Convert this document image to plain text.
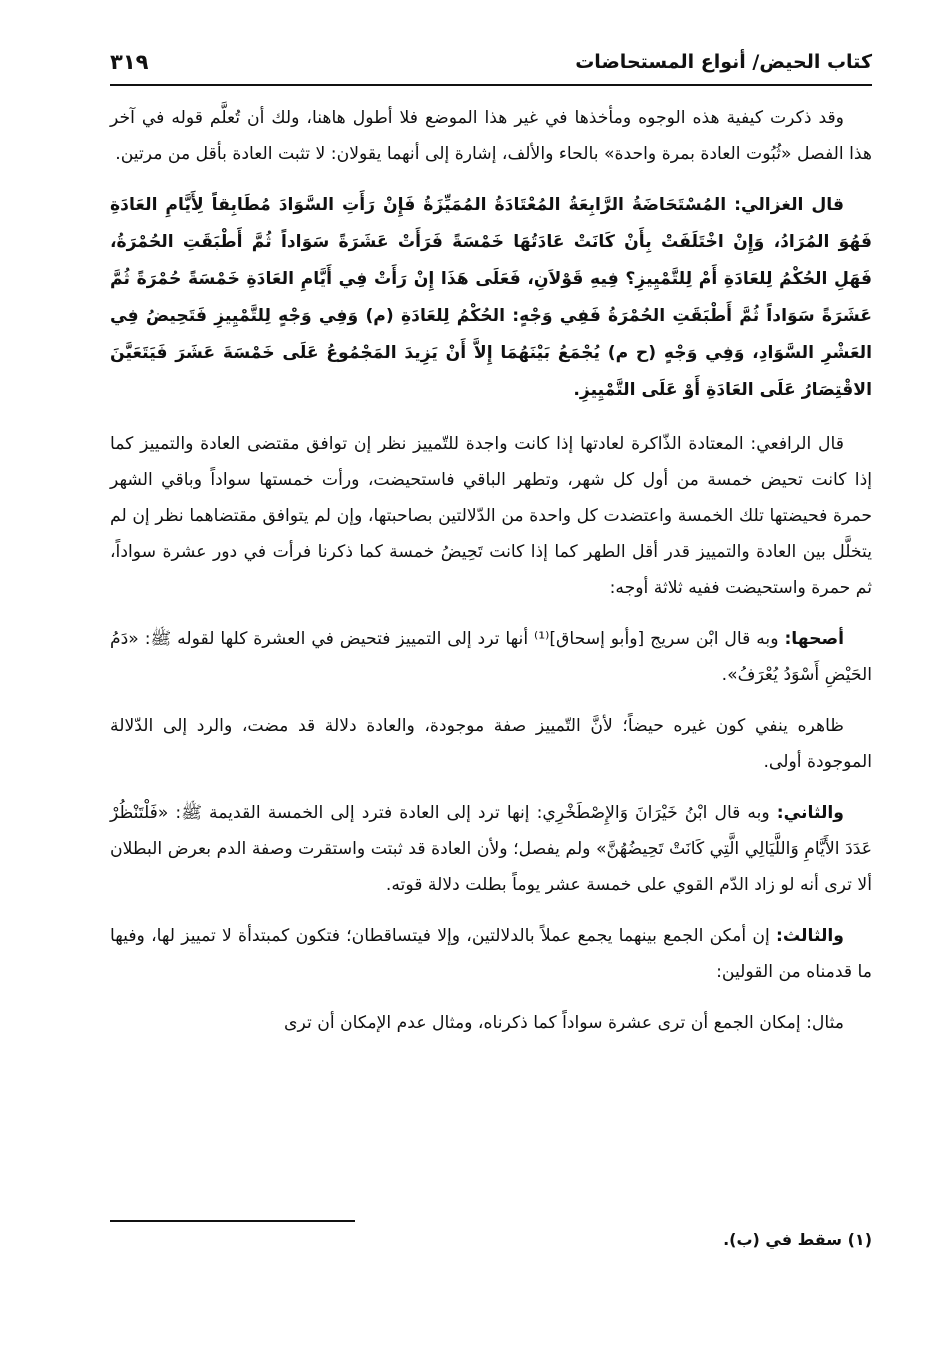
كتاب الحيض/ أنواع المستحاضات
٣١٩

وقد ذكرت كيفية هذه الوجوه ومأخذها في غير هذا الموضع فلا أطول هاهنا، ولك أن تُعلَّم قوله في آخر هذا الفصل «ثُبُوت العادة بمرة واحدة» بالحاء والألف، إشارة إلى أنهما يقولان: لا تثبت العادة بأقل من مرتين.

قال الغزالي: المُسْتَحَاضَةُ الرَّابِعَةُ المُعْتَادَةُ المُمَيِّزَةُ فَإِنْ رَأَتِ السَّوَادَ مُطَابِقاً لِأَيَّامِ العَادَةِ فَهُوَ المُرَادُ، وَإِنْ اخْتَلَفَتْ بِأَنْ كَانَتْ عَادَتُهَا خَمْسَةً فَرَأَتْ عَشَرَةً سَوَاداً ثُمَّ أَطْبَقَتِ الحُمْرَةُ، فَهَلِ الحُكْمُ لِلعَادَةِ أَمْ لِلتَّمْيِيزِ؟ فِيهِ قَوْلاَنِ، فَعَلَى هَذَا إِنْ رَأَتْ فِي أَيَّامِ العَادَةِ خَمْسَةً حُمْرَةً ثُمَّ عَشَرَةً سَوَاداً ثُمَّ أَطْبَقَتِ الحُمْرَةُ فَفِي وَجْهٍ: الحُكْمُ لِلعَادَةِ (م) وَفِي وَجْهٍ لِلتَّمْيِيزِ فَتَحِيضُ فِي العَشْرِ السَّوَادِ، وَفِي وَجْهٍ (ح م) يُجْمَعُ بَيْنَهُمَا إِلاَّ أَنْ يَزِيدَ المَجْمُوعُ عَلَى خَمْسَةَ عَشَرَ فَيَتَعَيَّنَ الاقْتِصَارُ عَلَى العَادَةِ أَوْ عَلَى التَّمْيِيزِ.

قال الرافعي: المعتادة الذّاكرة لعادتها إذا كانت واجدة للتّمييز نظر إن توافق مقتضى العادة والتمييز كما إذا كانت تحيض خمسة من أول كل شهر، وتطهر الباقي فاستحيضت، ورأت خمستها سواداً وباقي الشهر حمرة فحيضتها تلك الخمسة واعتضدت كل واحدة من الدّلالتين بصاحبتها، وإن لم يتوافق مقتضاهما نظر إن لم يتخلَّل بين العادة والتمييز قدر أقل الطهر كما إذا كانت تَحِيضُ خمسة كما ذكرنا فرأت في دور عشرة سواداً، ثم حمرة واستحيضت ففيه ثلاثة أوجه:

أصحها: وبه قال ابْن سريج [وأبو إسحاق]⁽¹⁾ أنها ترد إلى التمييز فتحيض في العشرة كلها لقوله ﷺ: «دَمُ الحَيْضِ أَسْوَدُ يُعْرَفُ».

ظاهره ينفي كون غيره حيضاً؛ لأنَّ التّمييز صفة موجودة، والعادة دلالة قد مضت، والرد إلى الدّلالة الموجودة أولى.

والثاني: وبه قال ابْنُ خَيْرَانَ وَالإِصْطَخْرِي: إنها ترد إلى العادة فترد إلى الخمسة القديمة ﷺ: «فَلْتَنْظُرْ عَدَدَ الأَيَّامِ وَاللَّيَالِي الَّتِي كَانَتْ تَحِيضُهُنَّ» ولم يفصل؛ ولأن العادة قد ثبتت واستقرت وصفة الدم بعرض البطلان ألا ترى أنه لو زاد الدّم القوي على خمسة عشر يوماً بطلت دلالة قوته.

والثالث: إن أمكن الجمع بينهما يجمع عملاً بالدلالتين، وإلا فيتساقطان؛ فتكون كمبتدأة لا تمييز لها، وفيها ما قدمناه من القولين:

مثال: إمكان الجمع أن ترى عشرة سواداً كما ذكرناه، ومثال عدم الإمكان أن ترى

(١) سقط في (ب).
